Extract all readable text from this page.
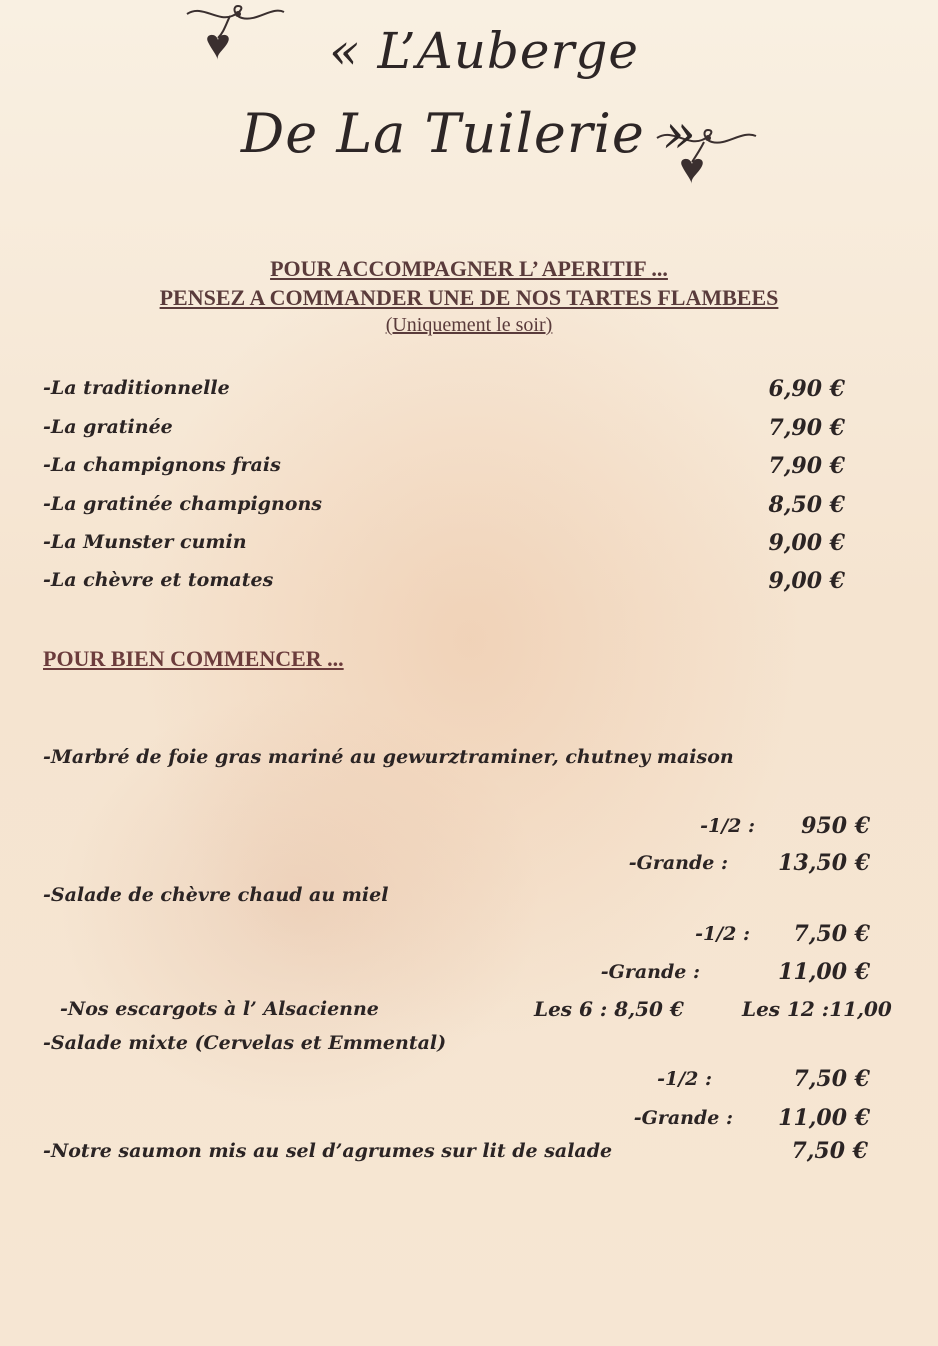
« L’Auberge
De La Tuilerie »
POUR ACCOMPAGNER L’ APERITIF ...
PENSEZ A COMMANDER UNE DE NOS TARTES FLAMBEES
(Uniquement le soir)
-La traditionnelle	6,90 €
-La gratinée	7,90 €
-La champignons frais	7,90 €
-La gratinée champignons	8,50 €
-La Munster cumin	9,00 €
-La chèvre et tomates	9,00 €
POUR BIEN COMMENCER ...
-Marbré de foie gras mariné au gewurztraminer, chutney maison
-1/2 :	950 €
-Grande :	13,50 €
-Salade de chèvre chaud au miel
-1/2 :	7,50 €
-Grande :	11,00 €
-Nos escargots à l’ Alsacienne	Les 6 : 8,50 €	Les 12 :11,00
-Salade mixte (Cervelas et Emmental)
-1/2 :	7,50 €
-Grande :	11,00 €
-Notre saumon mis au sel d’agrumes sur lit de salade	7,50 €
